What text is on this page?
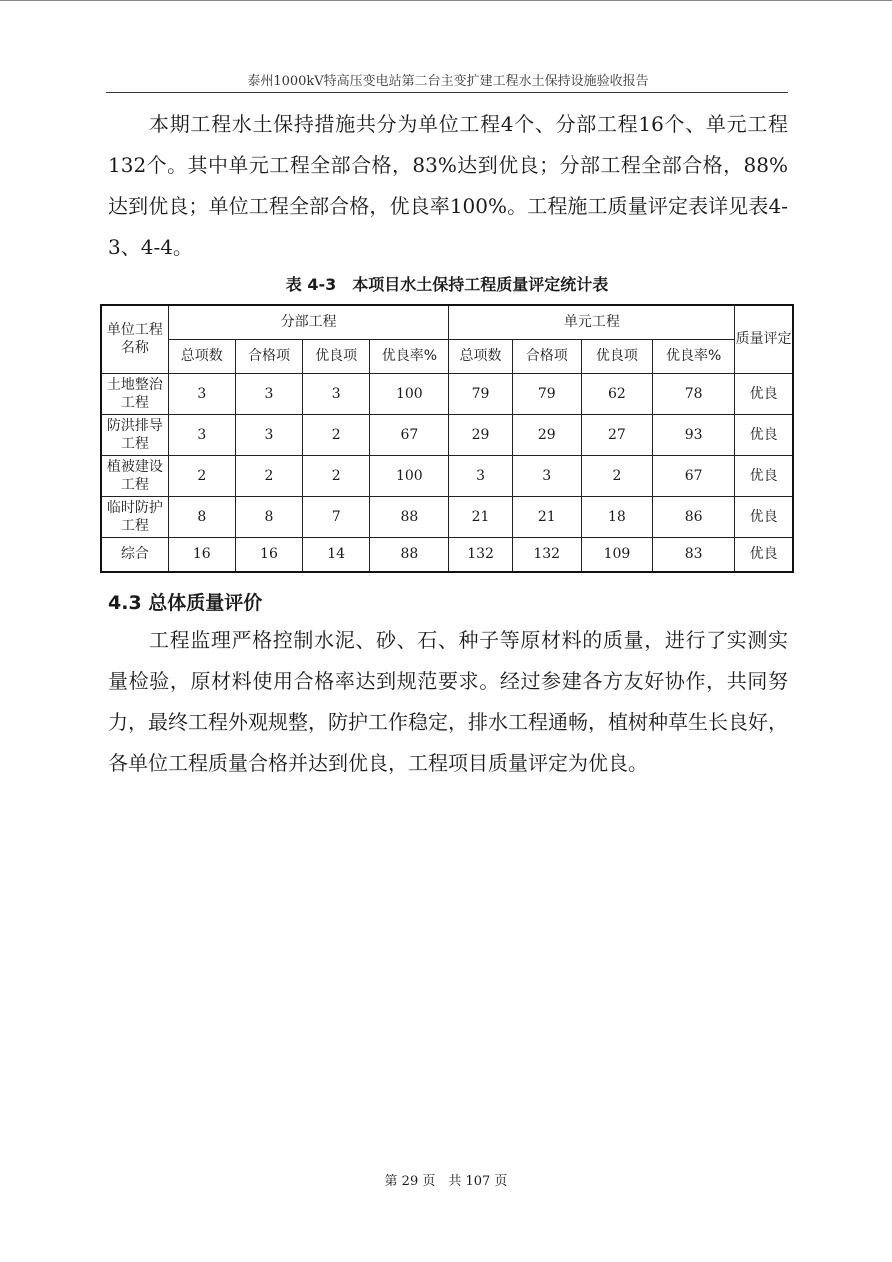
泰州1000kV特高压变电站第二台主变扩建工程水土保持设施验收报告

本期工程水土保持措施共分为单位工程4个、分部工程16个、单元工程132个。其中单元工程全部合格，83%达到优良；分部工程全部合格，88%达到优良；单位工程全部合格，优良率100%。工程施工质量评定表详见表4-3、4-4。

表 4-3　本项目水土保持工程质量评定统计表
单位工程名称	分部工程				单元工程				质量评定
	总项数	合格项	优良项	优良率%	总项数	合格项	优良项	优良率%	
土地整治工程	3	3	3	100	79	79	62	78	优良
防洪排导工程	3	3	2	67	29	29	27	93	优良
植被建设工程	2	2	2	100	3	3	2	67	优良
临时防护工程	8	8	7	88	21	21	18	86	优良
综合	16	16	14	88	132	132	109	83	优良
4.3 总体质量评价

工程监理严格控制水泥、砂、石、种子等原材料的质量，进行了实测实量检验，原材料使用合格率达到规范要求。经过参建各方友好协作，共同努力，最终工程外观规整，防护工作稳定，排水工程通畅，植树种草生长良好，各单位工程质量合格并达到优良，工程项目质量评定为优良。

第 29 页　共 107 页
